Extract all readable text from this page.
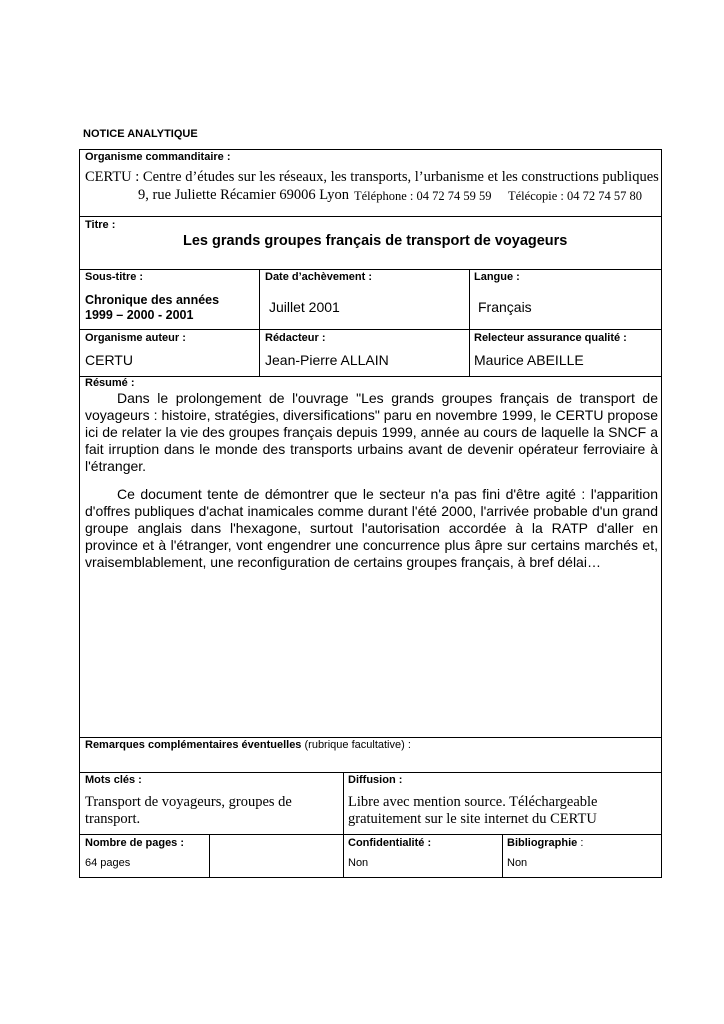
NOTICE ANALYTIQUE
Organisme commanditaire :
CERTU : Centre d’études sur les réseaux, les transports, l’urbanisme et les constructions publiques
9, rue Juliette Récamier 69006 Lyon Téléphone : 04 72 74 59 59 Télécopie : 04 72 74 57 80
Titre :
Les grands groupes français de transport de voyageurs
Sous-titre :
Chronique des années
1999 – 2000 - 2001
Date d’achèvement :
Juillet 2001
Langue :
Français
Organisme auteur :
CERTU
Rédacteur :
Jean-Pierre ALLAIN
Relecteur assurance qualité :
Maurice ABEILLE
Résumé :

Dans le prolongement de l'ouvrage "Les grands groupes français de transport de voyageurs : histoire, stratégies, diversifications" paru en novembre 1999, le CERTU propose ici de relater la vie des groupes français depuis 1999, année au cours de laquelle la SNCF a fait irruption dans le monde des transports urbains avant de devenir opérateur ferroviaire à l'étranger.

Ce document tente de démontrer que le secteur n'a pas fini d'être agité : l'apparition d'offres publiques d'achat inamicales comme durant l'été 2000, l'arrivée probable d'un grand groupe anglais dans l'hexagone, surtout l'autorisation accordée à la RATP d'aller en province et à l'étranger, vont engendrer une concurrence plus âpre sur certains marchés et, vraisemblablement, une reconfiguration de certains groupes français, à bref délai…

Remarques complémentaires éventuelles (rubrique facultative) :
Mots clés :
Transport de voyageurs, groupes de
transport.
Diffusion :
Libre avec mention source. Téléchargeable
gratuitement sur le site internet du CERTU
Nombre de pages :
64 pages
Confidentialité :
Non
Bibliographie :
Non
